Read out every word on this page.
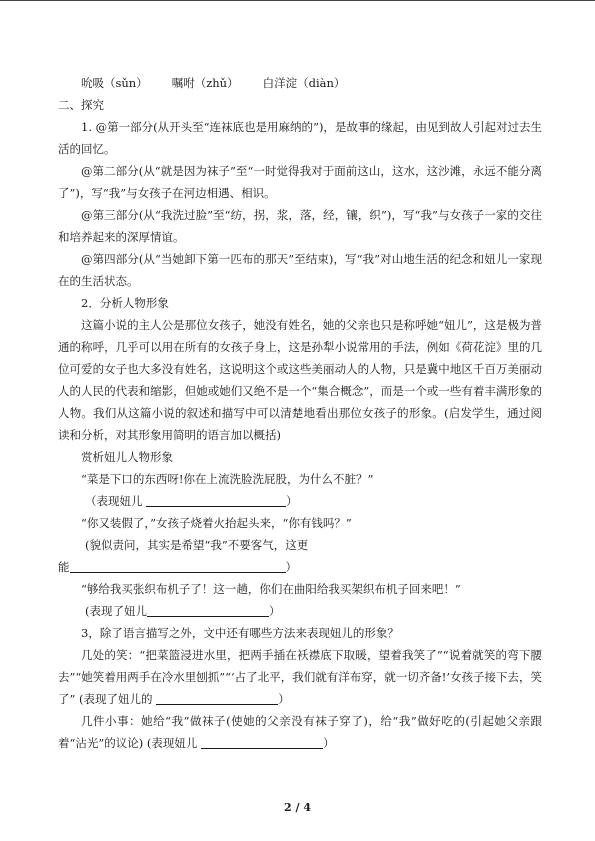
吮吸（sǔn） 嘱咐（zhǔ） 白洋淀（diàn）
二、探究
1. @第一部分(从开头至“连袜底也是用麻纳的”)，是故事的缘起，由见到故人引起对过去生活的回忆。
@第二部分(从“就是因为袜子”至“一时觉得我对于面前这山，这水，这沙滩，永远不能分离了”)，写“我”与女孩子在河边相遇、相识。
@第三部分(从“我洗过脸”至“纺，拐，浆，落，经，镶，织”)，写“我”与女孩子一家的交往和培养起来的深厚情谊。
@第四部分(从“当她卸下第一匹布的那天”至结束)，写“我”对山地生活的纪念和妞儿一家现在的生活状态。
2．分析人物形象
这篇小说的主人公是那位女孩子，她没有姓名，她的父亲也只是称呼她“妞儿”，这是极为普通的称呼，几乎可以用在所有的女孩子身上，这是孙犁小说常用的手法，例如《荷花淀》里的几位可爱的女子也大多没有姓名，这说明这个或这些美丽动人的人物，只是冀中地区千百万美丽动人的人民的代表和缩影，但她或她们又绝不是一个“集合概念”，而是一个或一些有着丰满形象的人物。我们从这篇小说的叙述和描写中可以清楚地看出那位女孩子的形象。(启发学生，通过阅读和分析，对其形象用简明的语言加以概括)
赏析妞儿人物形象
“菜是下口的东西呀!你在上流洗脸洗屁股，为什么不脏？”
（表现妞儿	）
“你又装假了，”女孩子烧着火抬起头来，“你有钱吗？”
(貌似责问，其实是希望“我”不要客气，这更
能	）
“够给我买张织布机子了！这一趟，你们在曲阳给我买架织布机子回来吧！”
(表现了妞儿	）
3，除了语言描写之外，文中还有哪些方法来表现妞儿的形象？
几处的笑：“把菜篮浸进水里，把两手插在袄襟底下取暖，望着我笑了”“说着就笑的弯下腰去”“她笑着用两手在冷水里刨抓”“‘占了北平，我们就有洋布穿，就一切齐备!’女孩子接下去，笑了” (表现了妞儿的	）
几件小事：她给“我”做袜子(使她的父亲没有袜子穿了)，给“我”做好吃的(引起她父亲跟着“沾光”的议论) (表现妞儿	）
2 / 4
